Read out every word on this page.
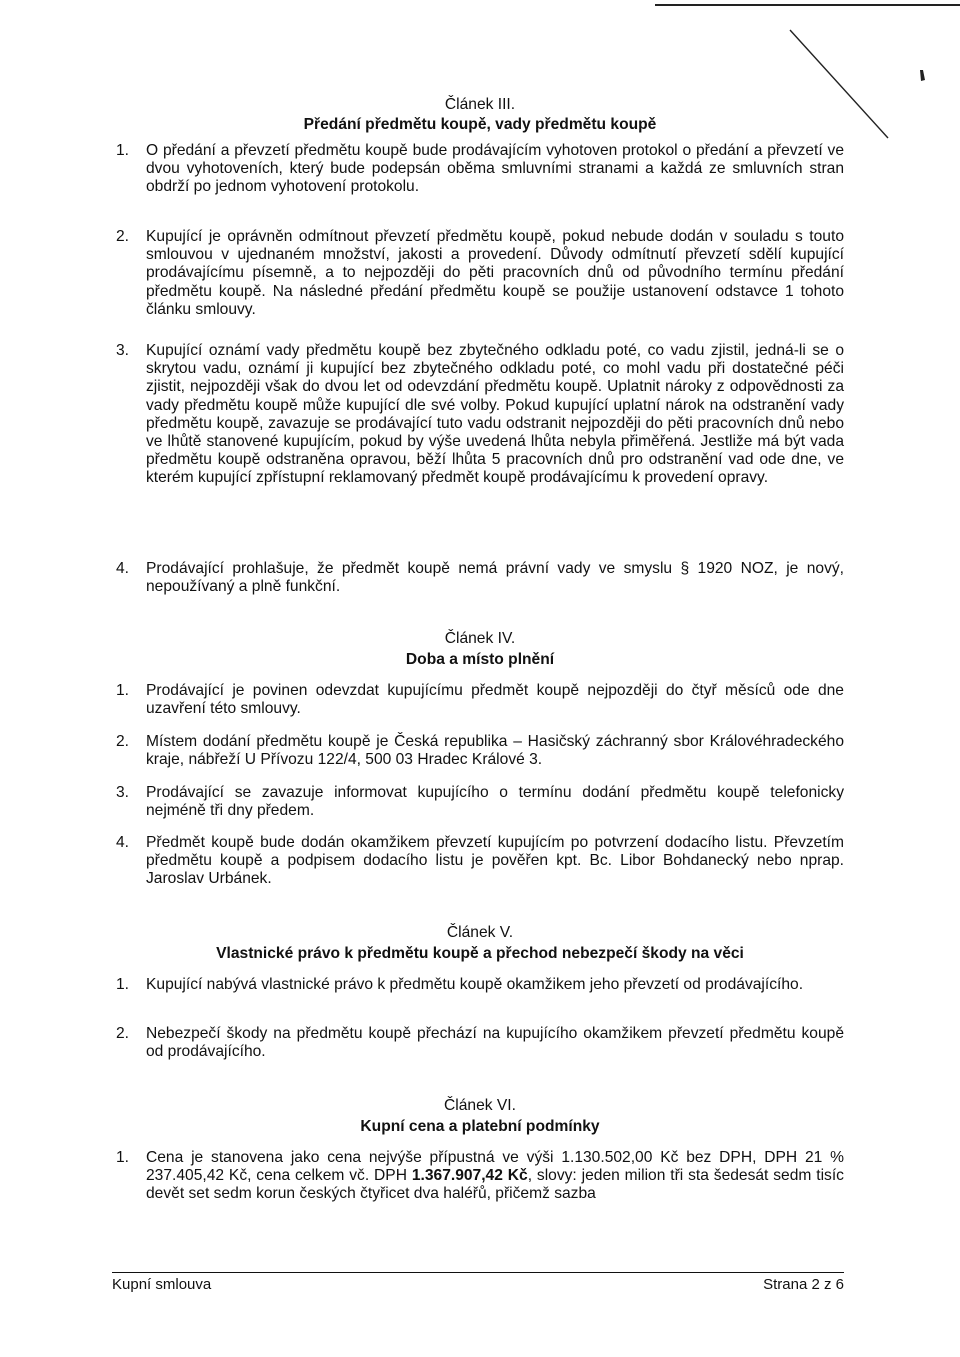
Článek III.
Předání předmětu koupě, vady předmětu koupě
1.	O předání a převzetí předmětu koupě bude prodávajícím vyhotoven protokol o předání a převzetí ve dvou vyhotoveních, který bude podepsán oběma smluvními stranami a každá ze smluvních stran obdrží po jednom vyhotovení protokolu.
2.	Kupující je oprávněn odmítnout převzetí předmětu koupě, pokud nebude dodán v souladu s touto smlouvou v ujednaném množství, jakosti a provedení. Důvody odmítnutí převzetí sdělí kupující prodávajícímu písemně, a to nejpozději do pěti pracovních dnů od původního termínu předání předmětu koupě. Na následné předání předmětu koupě se použije ustanovení odstavce 1 tohoto článku smlouvy.
3.	Kupující oznámí vady předmětu koupě bez zbytečného odkladu poté, co vadu zjistil, jedná-li se o skrytou vadu, oznámí ji kupující bez zbytečného odkladu poté, co mohl vadu při dostatečné péči zjistit, nejpozději však do dvou let od odevzdání předmětu koupě. Uplatnit nároky z odpovědnosti za vady předmětu koupě může kupující dle své volby. Pokud kupující uplatní nárok na odstranění vady předmětu koupě, zavazuje se prodávající tuto vadu odstranit nejpozději do pěti pracovních dnů nebo ve lhůtě stanovené kupujícím, pokud by výše uvedená lhůta nebyla přiměřená. Jestliže má být vada předmětu koupě odstraněna opravou, běží lhůta 5 pracovních dnů pro odstranění vad ode dne, ve kterém kupující zpřístupní reklamovaný předmět koupě prodávajícímu k provedení opravy.
4.	Prodávající prohlašuje, že předmět koupě nemá právní vady ve smyslu § 1920 NOZ, je nový, nepoužívaný a plně funkční.
Článek IV.
Doba a místo plnění
1.	Prodávající je povinen odevzdat kupujícímu předmět koupě nejpozději do čtyř měsíců ode dne uzavření této smlouvy.
2.	Místem dodání předmětu koupě je Česká republika – Hasičský záchranný sbor Královéhradeckého kraje, nábřeží U Přívozu 122/4, 500 03 Hradec Králové 3.
3.	Prodávající se zavazuje informovat kupujícího o termínu dodání předmětu koupě telefonicky nejméně tři dny předem.
4.	Předmět koupě bude dodán okamžikem převzetí kupujícím po potvrzení dodacího listu. Převzetím předmětu koupě a podpisem dodacího listu je pověřen kpt. Bc. Libor Bohdanecký nebo nprap. Jaroslav Urbánek.
Článek V.
Vlastnické právo k předmětu koupě a přechod nebezpečí škody na věci
1.	Kupující nabývá vlastnické právo k předmětu koupě okamžikem jeho převzetí od prodávajícího.
2.	Nebezpečí škody na předmětu koupě přechází na kupujícího okamžikem převzetí předmětu koupě od prodávajícího.
Článek VI.
Kupní cena a platební podmínky
1.	Cena je stanovena jako cena nejvýše přípustná ve výši 1.130.502,00 Kč bez DPH, DPH 21 % 237.405,42 Kč, cena celkem vč. DPH 1.367.907,42 Kč, slovy: jeden milion tři sta šedesát sedm tisíc devět set sedm korun českých čtyřicet dva haléřů, přičemž sazba
Kupní smlouva	Strana 2 z 6
